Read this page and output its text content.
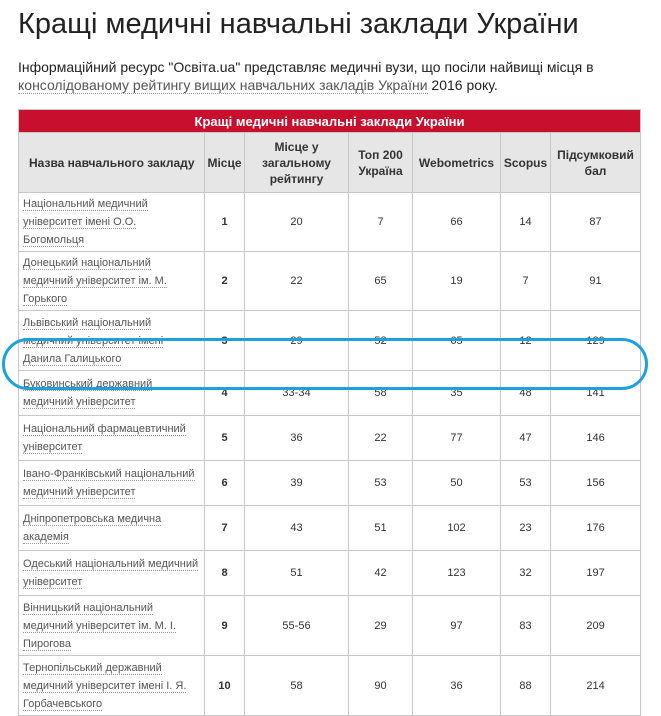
Кращі медичні навчальні заклади України

Інформаційний ресурс "Освіта.ua" представляє медичні вузи, що посіли найвищі місця в консолідованому рейтингу вищих навчальних закладів України 2016 року.

Кращі медичні навчальні заклади України						
Назва навчального закладу	Місце	Місце у загальному рейтингу	Топ 200 Україна	Webometrics	Scopus	Підсумковий бал
Національний медичний університет імені О.О. Богомольця	1	20	7	66	14	87
Донецький національний медичний університет ім. М. Горького	2	22	65	19	7	91
Львівський національний медичний університет імені Данила Галицького	3	29	52	65	12	129
Буковинський державний медичний університет	4	33-34	58	35	48	141
Національний фармацевтичний університет	5	36	22	77	47	146
Івано-Франківський національний медичний університет	6	39	53	50	53	156
Дніпропетровська медична академія	7	43	51	102	23	176
Одеський національний медичний університет	8	51	42	123	32	197
Вінницький національний медичний університет ім. М. І. Пирогова	9	55-56	29	97	83	209
Тернопільський державний медичний університет імені І. Я. Горбачевського	10	58	90	36	88	214
